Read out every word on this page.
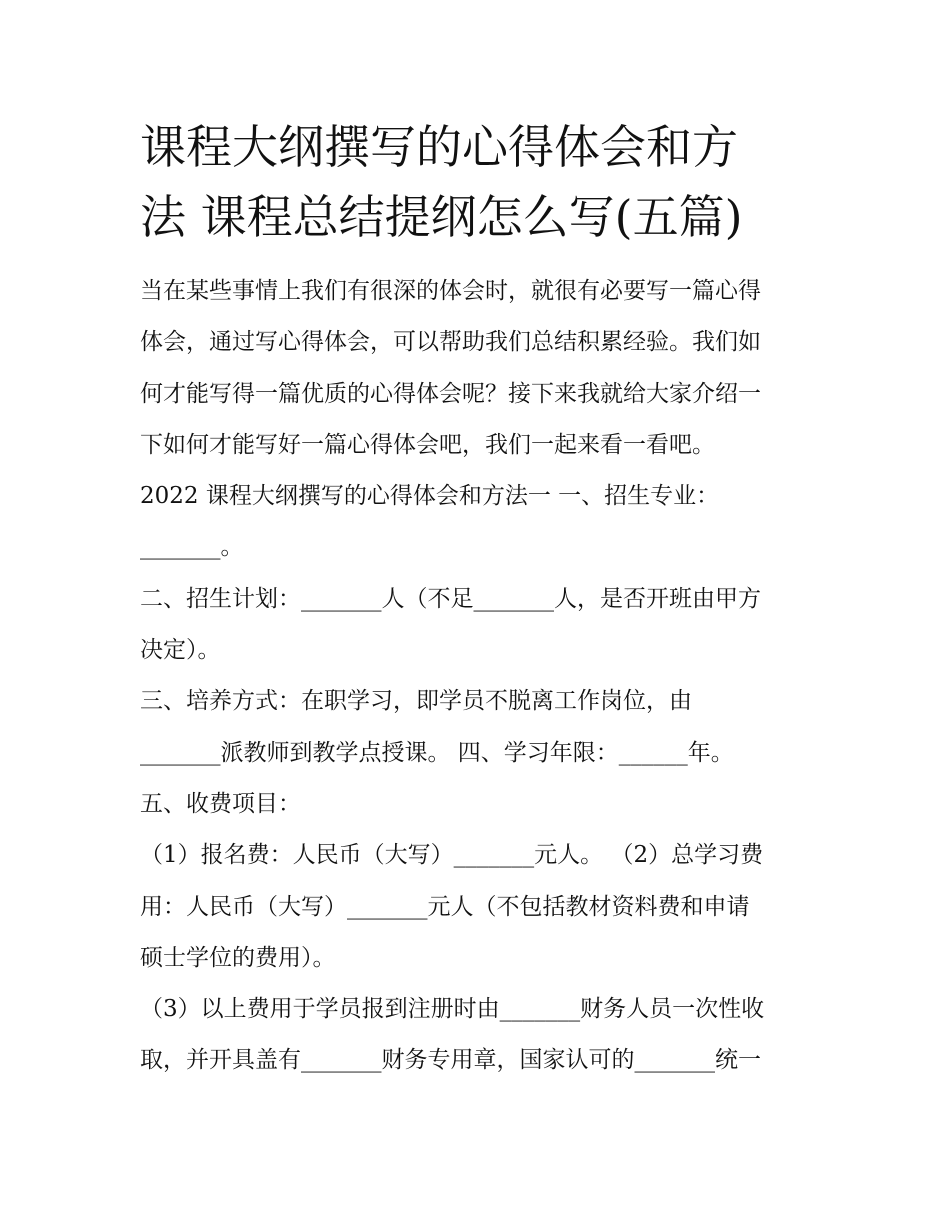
课程大纲撰写的心得体会和方
法 课程总结提纲怎么写(五篇)
当在某些事情上我们有很深的体会时，就很有必要写一篇心得
体会，通过写心得体会，可以帮助我们总结积累经验。我们如
何才能写得一篇优质的心得体会呢？接下来我就给大家介绍一
下如何才能写好一篇心得体会吧，我们一起来看一看吧。
2022 课程大纲撰写的心得体会和方法一 一、招生专业：
_______。
二、招生计划：_______人（不足_______人，是否开班由甲方
决定）。
三、培养方式：在职学习，即学员不脱离工作岗位，由
_______派教师到教学点授课。 四、学习年限：______年。
五、收费项目：
（1）报名费：人民币（大写）_______元人。 （2）总学习费
用：人民币（大写）_______元人（不包括教材资料费和申请
硕士学位的费用）。
（3）以上费用于学员报到注册时由_______财务人员一次性收
取，并开具盖有_______财务专用章，国家认可的_______统一
